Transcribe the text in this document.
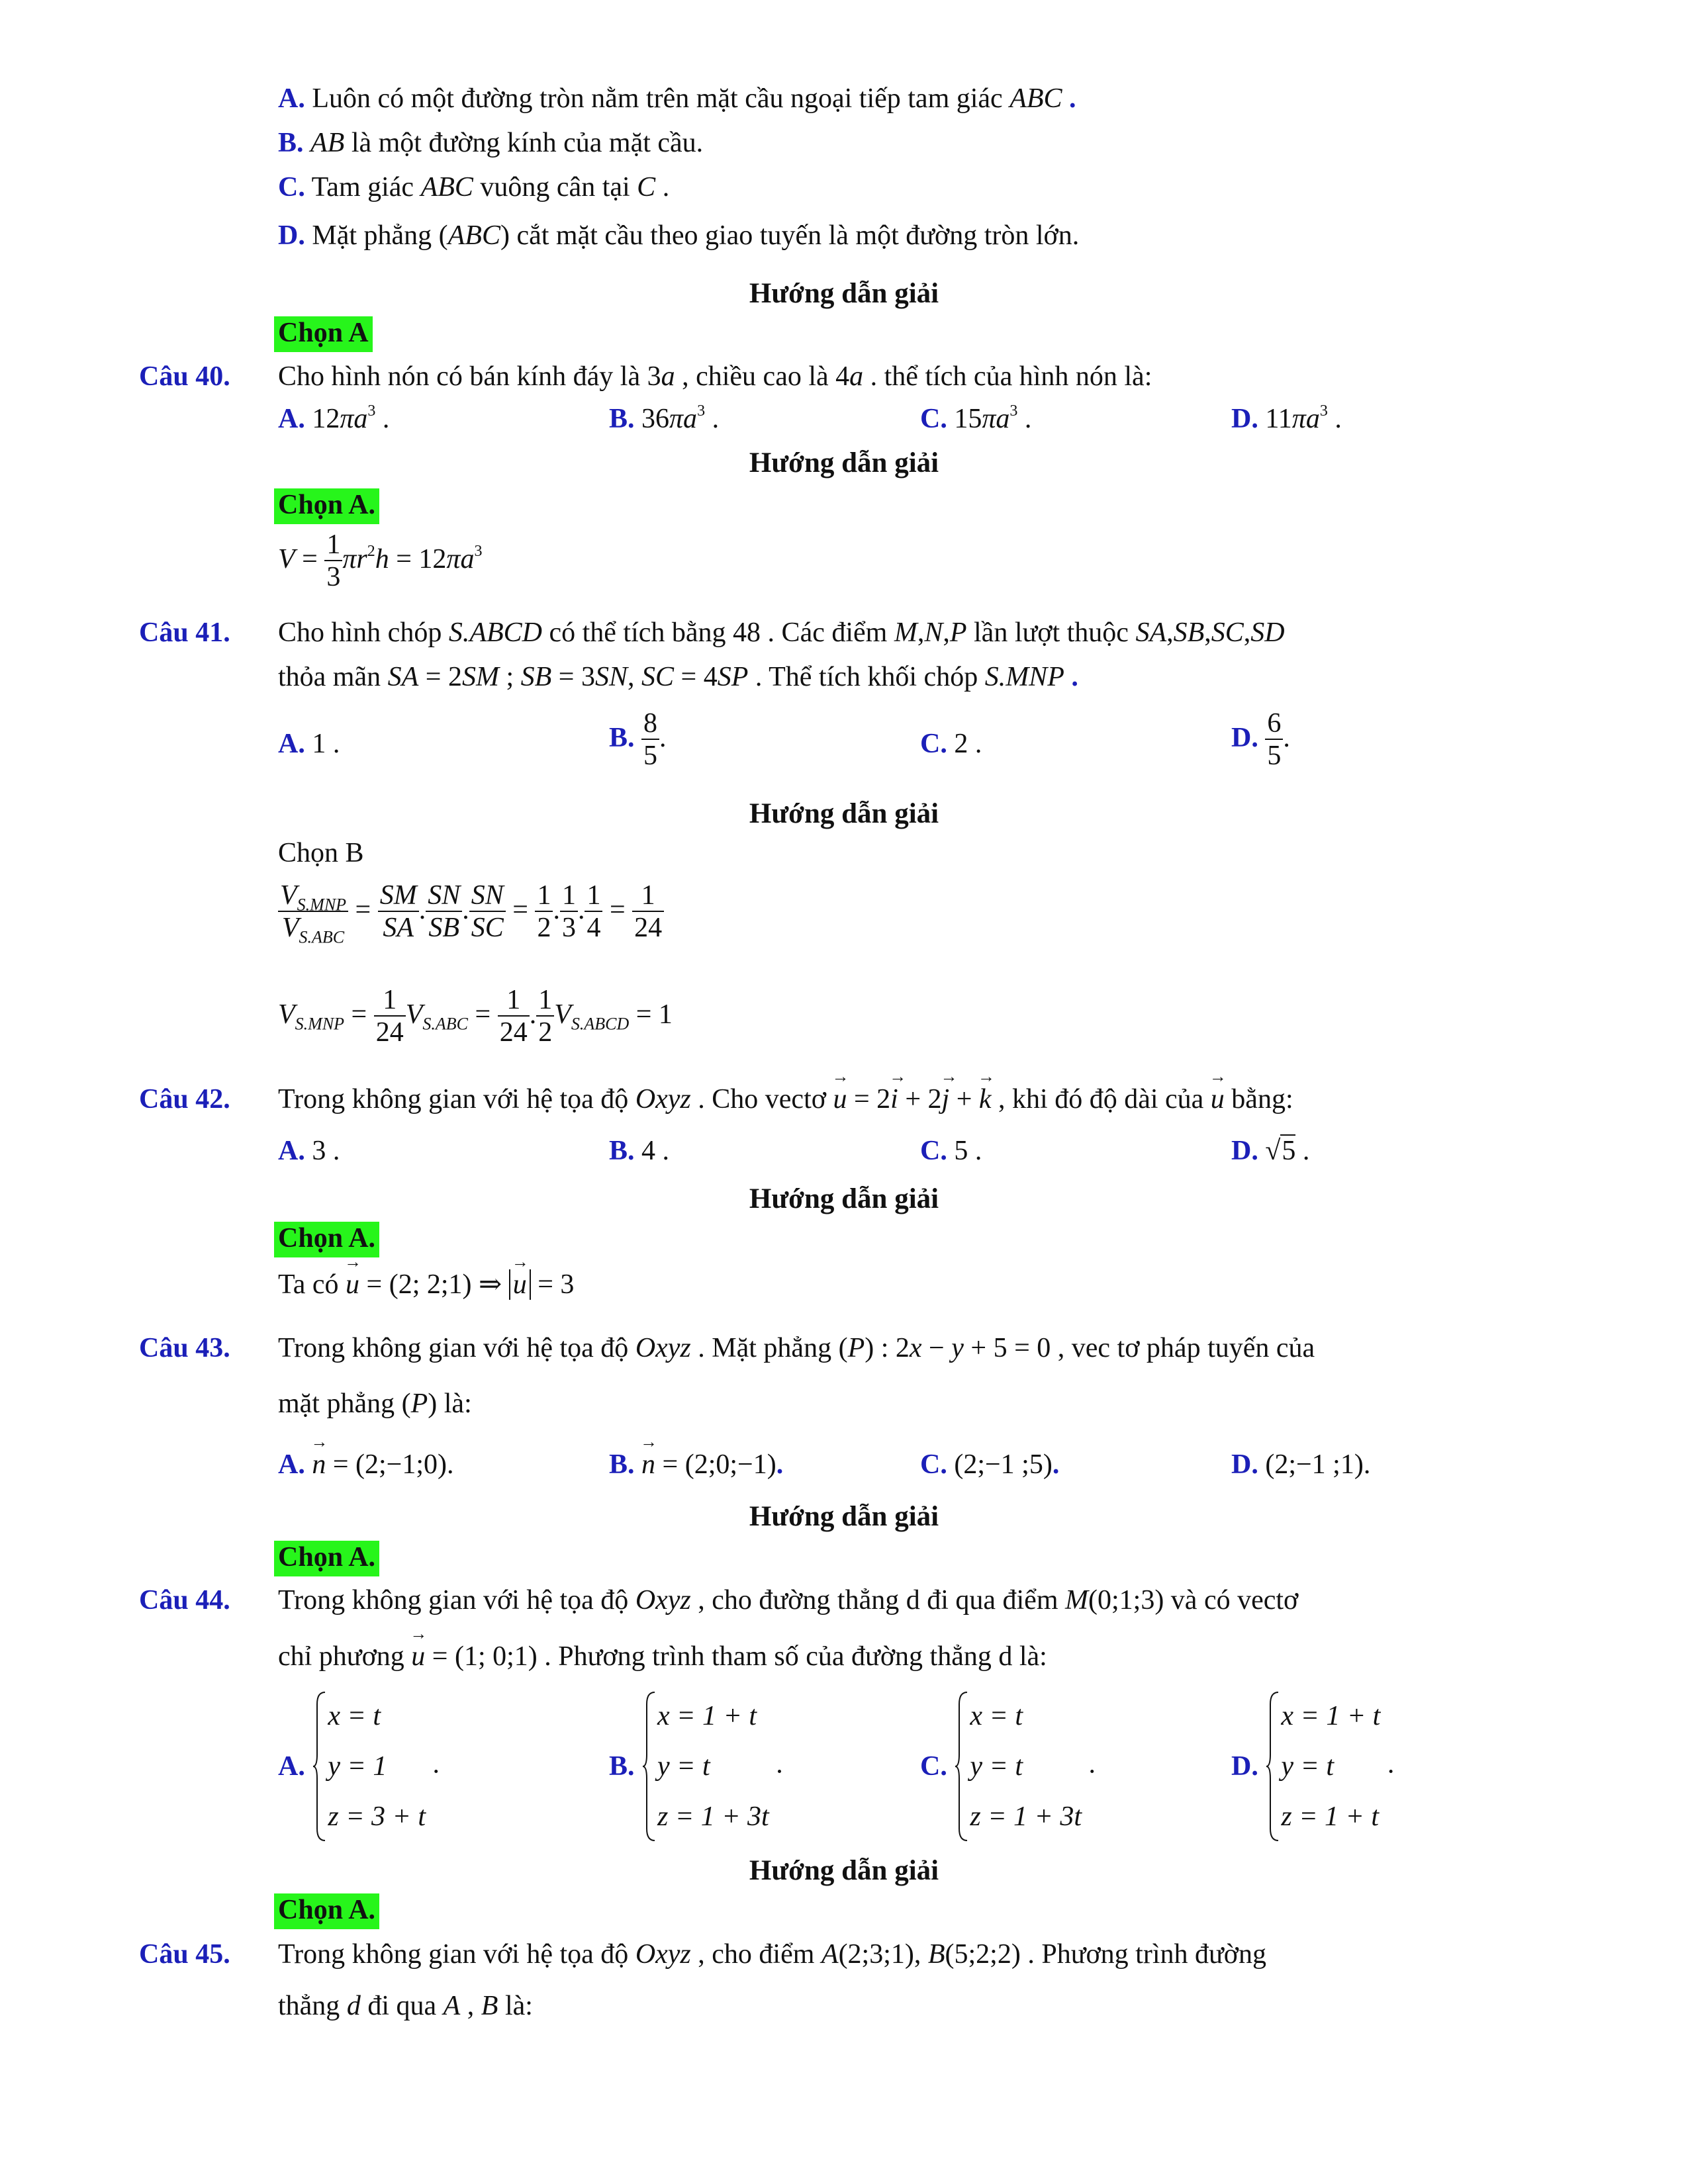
A. Luôn có một đường tròn nằm trên mặt cầu ngoại tiếp tam giác ABC .
B. AB là một đường kính của mặt cầu.
C. Tam giác ABC vuông cân tại C .
D. Mặt phẳng (ABC) cắt mặt cầu theo giao tuyến là một đường tròn lớn.
Hướng dẫn giải
Chọn A
Câu 40. Cho hình nón có bán kính đáy là 3a , chiều cao là 4a . thể tích của hình nón là:
A. $12\pi a^3$ .	B. $36\pi a^3$ .	C. $15\pi a^3$ .	D. $11\pi a^3$ .
Hướng dẫn giải
Chọn A.
$V = \frac{1}{3} \pi r^2h = 12\pi a^3$
Câu 41. Cho hình chóp S.ABCD có thể tích bằng 48 . Các điểm M,N,P lần lượt thuộc SA,SB,SC,SD
thỏa mãn SA = 2SM ; SB = 3SN, SC = 4SP . Thể tích khối chóp S.MNP .
A. 1 .	B. $\frac{8}{5}$ .	C. 2 .	D. $\frac{6}{5}$ .
Hướng dẫn giải
Chọn B
$\frac{V_{S.MNP}}{V_{S.ABC}} = \frac{SM}{SA}$ . $\frac{SN}{SB}$ . $\frac{SN}{SC} = \frac{1}{2}$ . $\frac{1}{3}$ . $\frac{1}{4} = \frac{1}{24}$
$V_{S.MNP} = \frac{1}{24} V_{S.ABC} = \frac{1}{24}$ . $\frac{1}{2} V_{S.ABCD} = 1$
Câu 42. Trong không gian với hệ tọa độ Oxyz . Cho vectơ → u = 2→ i + 2→ j + → k , khi đó độ dài của → u bằng:
A. 3 .	B. 4 .	C. 5 .	D. √5 .
Hướng dẫn giải
Chọn A.
Ta có → u = (2; 2;1) ⇒ → u = 3
Câu 43. Trong không gian với hệ tọa độ Oxyz . Mặt phẳng (P) : 2x − y + 5 = 0 , vec tơ pháp tuyến của
mặt phẳng (P) là:
A. → n = (2;−1;0).	B. → n = (2;0;−1).	C. (2;−1 ;5).	D. (2;−1 ;1).
Hướng dẫn giải
Chọn A.
Câu 44. Trong không gian với hệ tọa độ Oxyz , cho đường thẳng d đi qua điểm M(0;1;3) và có vectơ
chỉ phương → u = (1; 0;1) . Phương trình tham số của đường thẳng d là:
A.
x = t
y = 1
z = 3 + t
.	B.
x = 1 + t
y = t
z = 1 + 3t
.	C.
x = t
y = t
z = 1 + 3t
.	D.
x = 1 + t
y = t
z = 1 + t
.
Hướng dẫn giải
Chọn A.
Câu 45. Trong không gian với hệ tọa độ Oxyz , cho điểm A(2;3;1), B(5;2;2) . Phương trình đường
thẳng d đi qua A , B là:
